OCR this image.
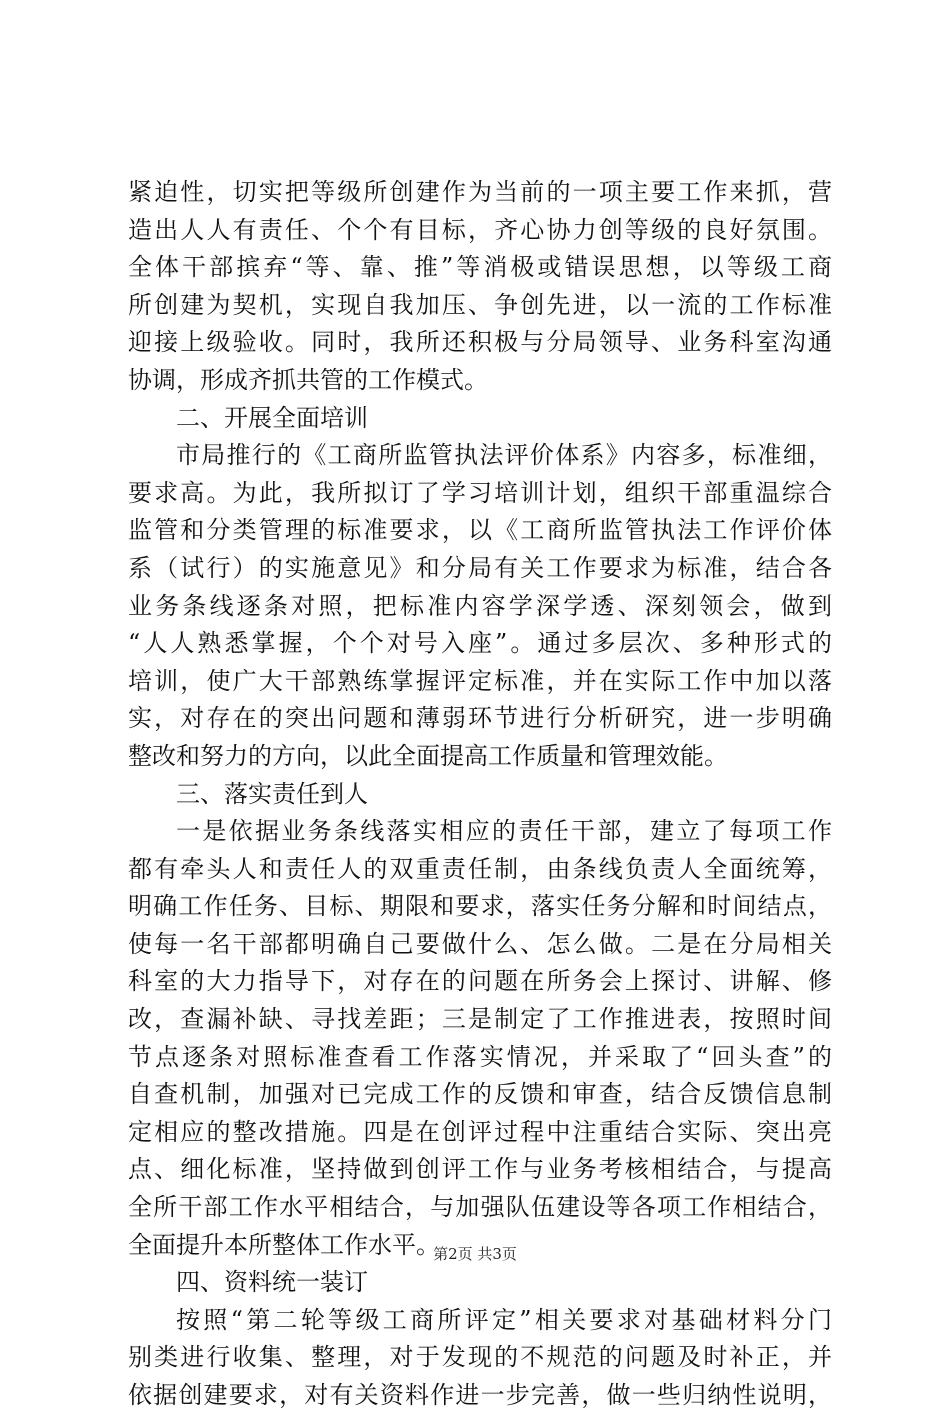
紧迫性，切实把等级所创建作为当前的一项主要工作来抓，营
造出人人有责任、个个有目标，齐心协力创等级的良好氛围。
全体干部摈弃“等、靠、推”等消极或错误思想，以等级工商
所创建为契机，实现自我加压、争创先进，以一流的工作标准
迎接上级验收。同时，我所还积极与分局领导、业务科室沟通
协调，形成齐抓共管的工作模式。
二、开展全面培训
市局推行的《工商所监管执法评价体系》内容多，标准细，
要求高。为此，我所拟订了学习培训计划，组织干部重温综合
监管和分类管理的标准要求，以《工商所监管执法工作评价体
系（试行）的实施意见》和分局有关工作要求为标准，结合各
业务条线逐条对照，把标准内容学深学透、深刻领会，做到
“人人熟悉掌握，个个对号入座”。通过多层次、多种形式的
培训，使广大干部熟练掌握评定标准，并在实际工作中加以落
实，对存在的突出问题和薄弱环节进行分析研究，进一步明确
整改和努力的方向，以此全面提高工作质量和管理效能。
三、落实责任到人
一是依据业务条线落实相应的责任干部，建立了每项工作
都有牵头人和责任人的双重责任制，由条线负责人全面统筹，
明确工作任务、目标、期限和要求，落实任务分解和时间结点，
使每一名干部都明确自己要做什么、怎么做。二是在分局相关
科室的大力指导下，对存在的问题在所务会上探讨、讲解、修
改，查漏补缺、寻找差距；三是制定了工作推进表，按照时间
节点逐条对照标准查看工作落实情况，并采取了“回头查”的
自查机制，加强对已完成工作的反馈和审查，结合反馈信息制
定相应的整改措施。四是在创评过程中注重结合实际、突出亮
点、细化标准，坚持做到创评工作与业务考核相结合，与提高
全所干部工作水平相结合，与加强队伍建设等各项工作相结合，
全面提升本所整体工作水平。
四、资料统一装订
按照“第二轮等级工商所评定”相关要求对基础材料分门
别类进行收集、整理，对于发现的不规范的问题及时补正，并
依据创建要求，对有关资料作进一步完善，做一些归纳性说明，
第2页 共3页
